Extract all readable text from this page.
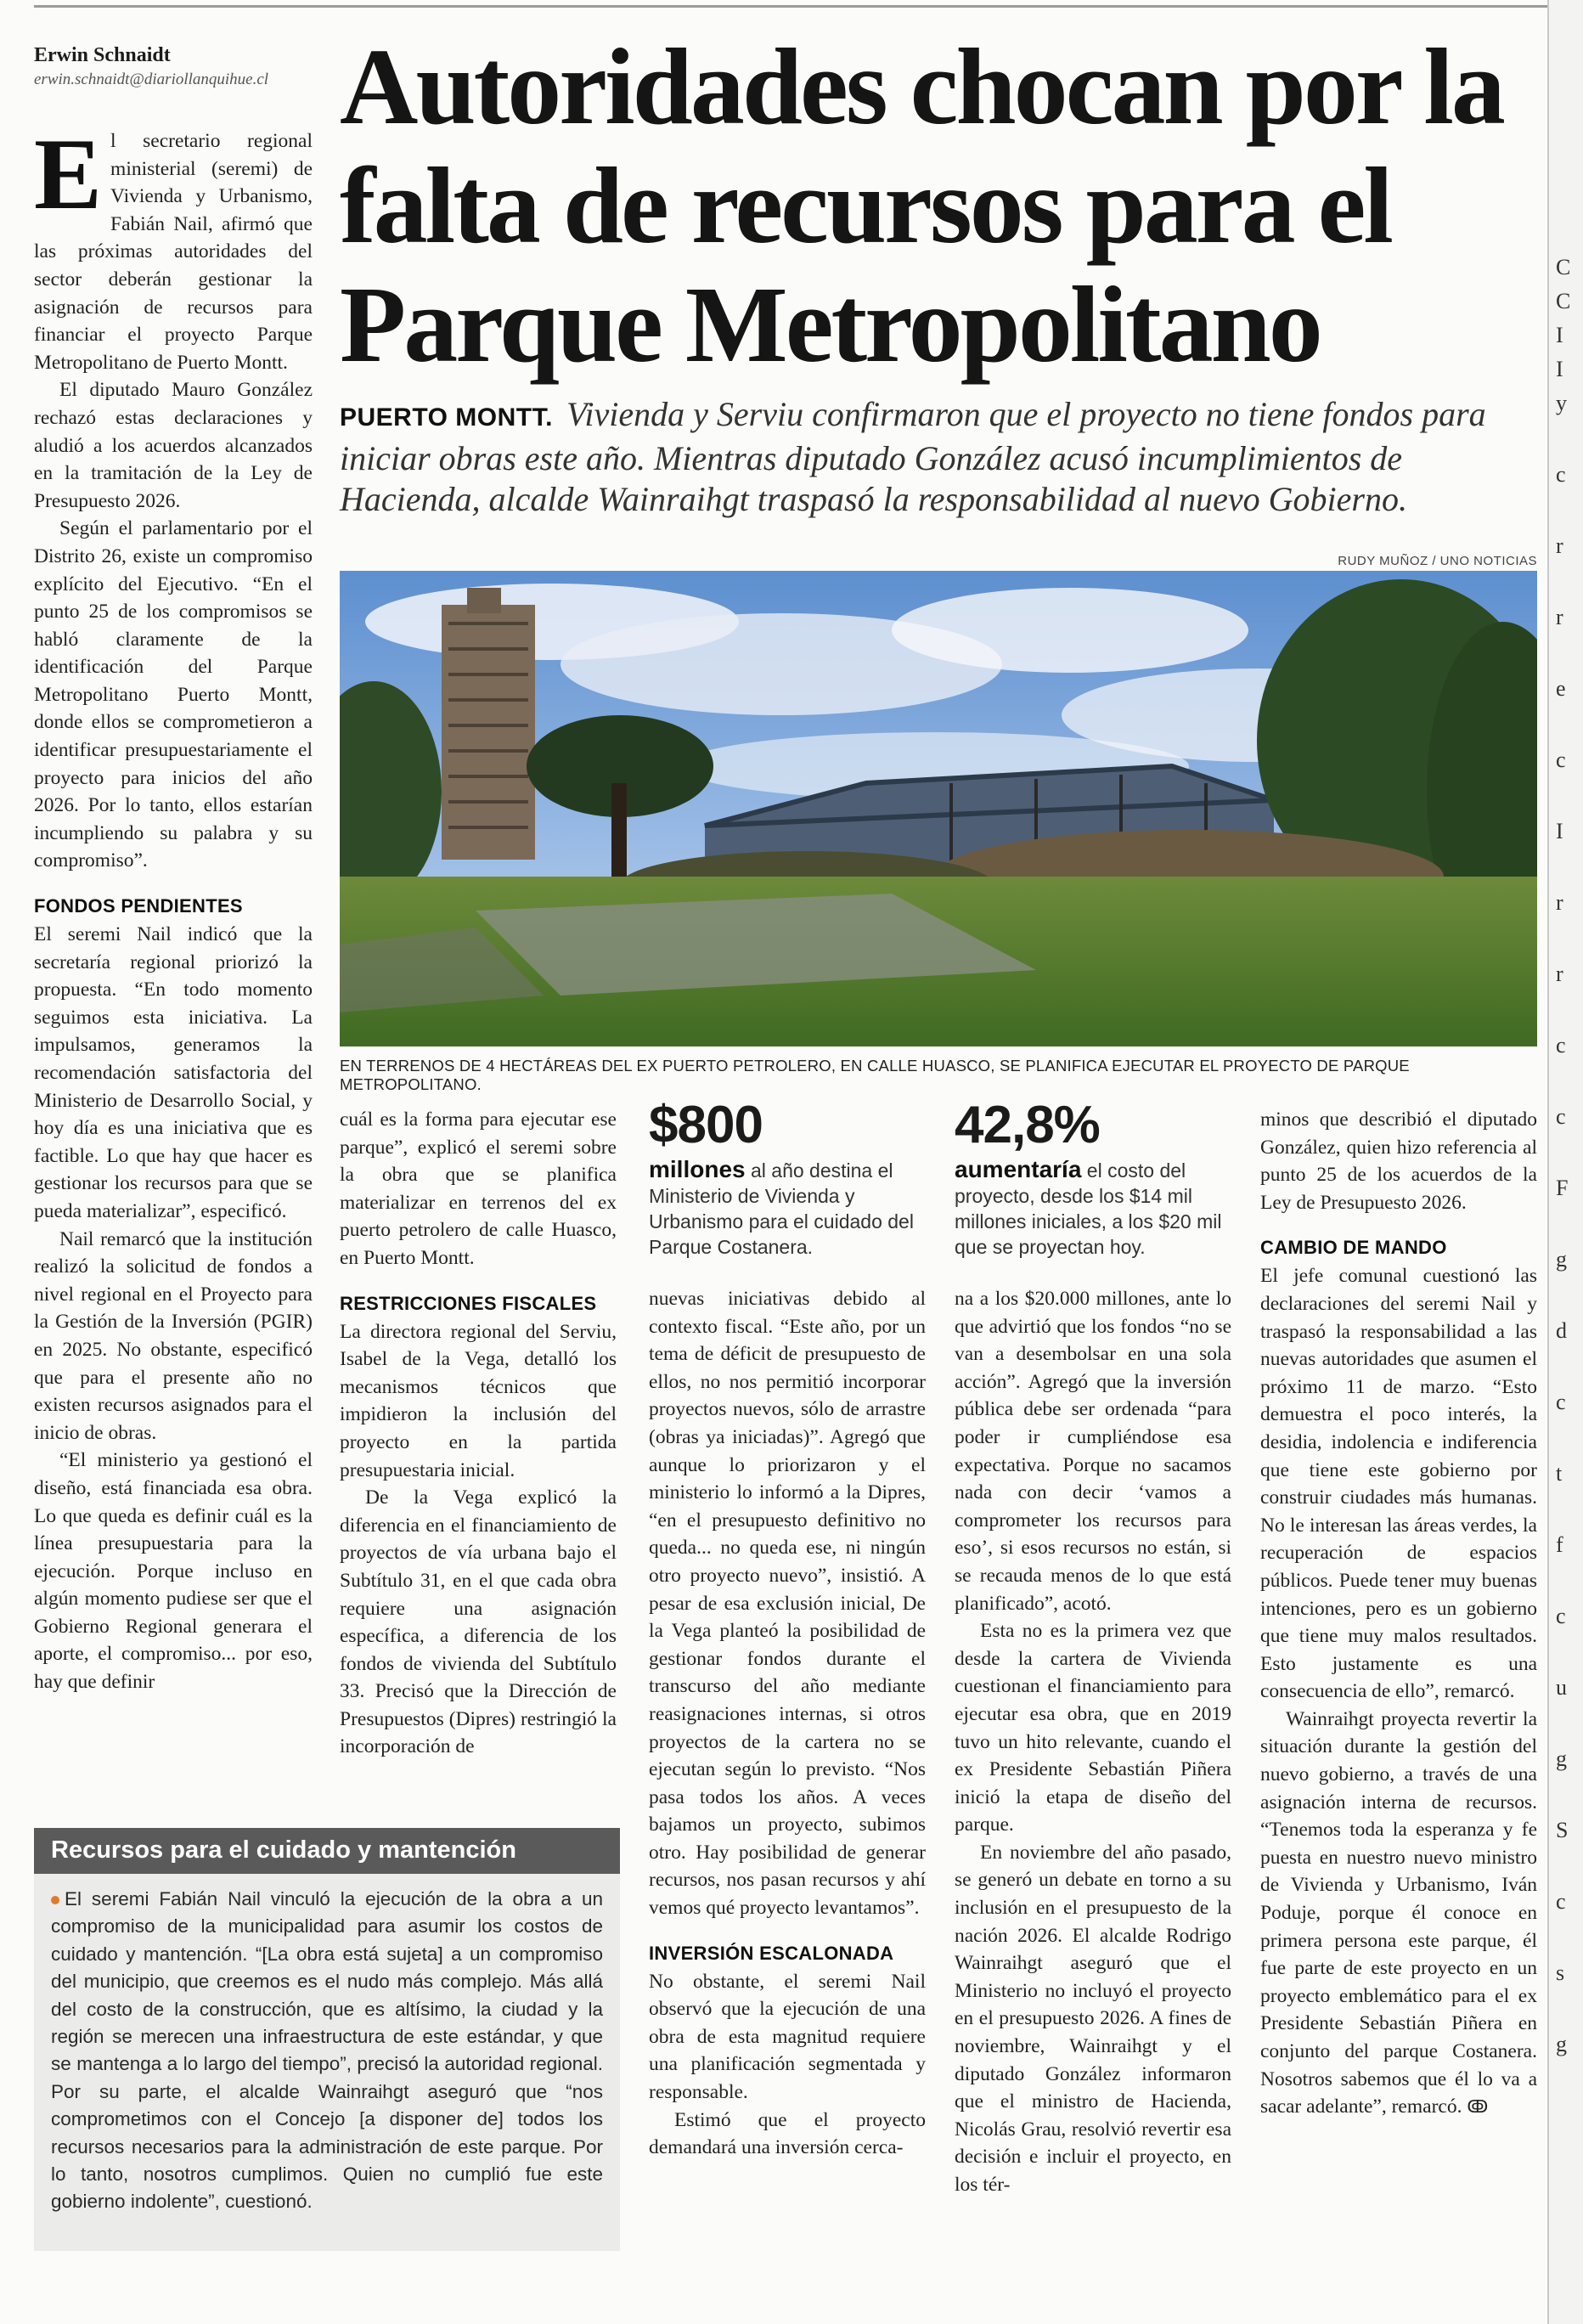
C
C
I
I
y
c
r
r
e
c
I
r
r
c
c
F
g
d
c
t
f
c
u
g
S
c
s
g
Erwin Schnaidt
erwin.schnaidt@diariollanquihue.cl Autoridades chocan por la falta de recursos para el Parque Metropolitano
PUERTO MONTT. Vivienda y Serviu confirmaron que el proyecto no tiene fondos para iniciar obras este año. Mientras diputado González acusó incumplimientos de Hacienda, alcalde Wainraihgt traspasó la responsabilidad al nuevo Gobierno.
RUDY MUÑOZ / UNO NOTICIAS
EN TERRENOS DE 4 HECTÁREAS DEL EX PUERTO PETROLERO, EN CALLE HUASCO, SE PLANIFICA EJECUTAR EL PROYECTO DE PARQUE METROPOLITANO.
E l secretario regional ministerial (seremi) de Vivienda y Urbanismo, Fabián Nail, afirmó que las próximas autoridades del sector deberán gestionar la asignación de recursos para financiar el proyecto Parque Metropolitano de Puerto Montt.

El diputado Mauro González rechazó estas declaraciones y aludió a los acuerdos alcanzados en la tramitación de la Ley de Presupuesto 2026.

Según el parlamentario por el Distrito 26, existe un compromiso explícito del Ejecutivo. “En el punto 25 de los compromisos se habló claramente de la identificación del Parque Metropolitano Puerto Montt, donde ellos se comprometieron a identificar presupuestariamente el proyecto para inicios del año 2026. Por lo tanto, ellos estarían incumpliendo su palabra y su compromiso”.

FONDOS PENDIENTES

El seremi Nail indicó que la secretaría regional priorizó la propuesta. “En todo momento seguimos esta iniciativa. La impulsamos, generamos la recomendación satisfactoria del Ministerio de Desarrollo Social, y hoy día es una iniciativa que es factible. Lo que hay que hacer es gestionar los recursos para que se pueda materializar”, especificó.

Nail remarcó que la institución realizó la solicitud de fondos a nivel regional en el Proyecto para la Gestión de la Inversión (PGIR) en 2025. No obstante, especificó que para el presente año no existen recursos asignados para el inicio de obras.

“El ministerio ya gestionó el diseño, está financiada esa obra. Lo que queda es definir cuál es la línea presupuestaria para la ejecución. Porque incluso en algún momento pudiese ser que el Gobierno Regional generara el aporte, el compromiso... por eso, hay que definir

cuál es la forma para ejecutar ese parque”, explicó el seremi sobre la obra que se planifica materializar en terrenos del ex puerto petrolero de calle Huasco, en Puerto Montt.

RESTRICCIONES FISCALES

La directora regional del Serviu, Isabel de la Vega, detalló los mecanismos técnicos que impidieron la inclusión del proyecto en la partida presupuestaria inicial.

De la Vega explicó la diferencia en el financiamiento de proyectos de vía urbana bajo el Subtítulo 31, en el que cada obra requiere una asignación específica, a diferencia de los fondos de vivienda del Subtítulo 33. Precisó que la Dirección de Presupuestos (Dipres) restringió la incorporación de

$800
millones al año destina el Ministerio de Vivienda y Urbanismo para el cuidado del Parque Costanera.

nuevas iniciativas debido al contexto fiscal. “Este año, por un tema de déficit de presupuesto de ellos, no nos permitió incorporar proyectos nuevos, sólo de arrastre (obras ya iniciadas)”. Agregó que aunque lo priorizaron y el ministerio lo informó a la Dipres, “en el presupuesto definitivo no queda... no queda ese, ni ningún otro proyecto nuevo”, insistió. A pesar de esa exclusión inicial, De la Vega planteó la posibilidad de gestionar fondos durante el transcurso del año mediante reasignaciones internas, si otros proyectos de la cartera no se ejecutan según lo previsto. “Nos pasa todos los años. A veces bajamos un proyecto, subimos otro. Hay posibilidad de generar recursos, nos pasan recursos y ahí vemos qué proyecto levantamos”.

INVERSIÓN ESCALONADA

No obstante, el seremi Nail observó que la ejecución de una obra de esta magnitud requiere una planificación segmentada y responsable.

Estimó que el proyecto demandará una inversión cerca-

42,8%
aumentaría el costo del proyecto, desde los $14 mil millones iniciales, a los $20 mil que se proyectan hoy.

na a los $20.000 millones, ante lo que advirtió que los fondos “no se van a desembolsar en una sola acción”. Agregó que la inversión pública debe ser ordenada “para poder ir cumpliéndose esa expectativa. Porque no sacamos nada con decir ‘vamos a comprometer los recursos para eso’, si esos recursos no están, si se recauda menos de lo que está planificado”, acotó.

Esta no es la primera vez que desde la cartera de Vivienda cuestionan el financiamiento para ejecutar esa obra, que en 2019 tuvo un hito relevante, cuando el ex Presidente Sebastián Piñera inició la etapa de diseño del parque.

En noviembre del año pasado, se generó un debate en torno a su inclusión en el presupuesto de la nación 2026. El alcalde Rodrigo Wainraihgt aseguró que el Ministerio no incluyó el proyecto en el presupuesto 2026. A fines de noviembre, Wainraihgt y el diputado González informaron que el ministro de Hacienda, Nicolás Grau, resolvió revertir esa decisión e incluir el proyecto, en los tér-

minos que describió el diputado González, quien hizo referencia al punto 25 de los acuerdos de la Ley de Presupuesto 2026.

CAMBIO DE MANDO

El jefe comunal cuestionó las declaraciones del seremi Nail y traspasó la responsabilidad a las nuevas autoridades que asumen el próximo 11 de marzo. “Esto demuestra el poco interés, la desidia, indolencia e indiferencia que tiene este gobierno por construir ciudades más humanas. No le interesan las áreas verdes, la recuperación de espacios públicos. Puede tener muy buenas intenciones, pero es un gobierno que tiene muy malos resultados. Esto justamente es una consecuencia de ello”, remarcó.

Wainraihgt proyecta revertir la situación durante la gestión del nuevo gobierno, a través de una asignación interna de recursos. “Tenemos toda la esperanza y fe puesta en nuestro nuevo ministro de Vivienda y Urbanismo, Iván Poduje, porque él conoce en primera persona este parque, él fue parte de este proyecto en un proyecto emblemático para el ex Presidente Sebastián Piñera en conjunto del parque Costanera. Nosotros sabemos que él lo va a sacar adelante”, remarcó. ↂ

Recursos para el cuidado y mantención
El seremi Fabián Nail vinculó la ejecución de la obra a un compromiso de la municipalidad para asumir los costos de cuidado y mantención. “[La obra está sujeta] a un compromiso del municipio, que creemos es el nudo más complejo. Más allá del costo de la construcción, que es altísimo, la ciudad y la región se merecen una infraestructura de este estándar, y que se mantenga a lo largo del tiempo”, precisó la autoridad regional. Por su parte, el alcalde Wainraihgt aseguró que “nos comprometimos con el Concejo [a disponer de] todos los recursos necesarios para la administración de este parque. Por lo tanto, nosotros cumplimos. Quien no cumplió fue este gobierno indolente”, cuestionó.
